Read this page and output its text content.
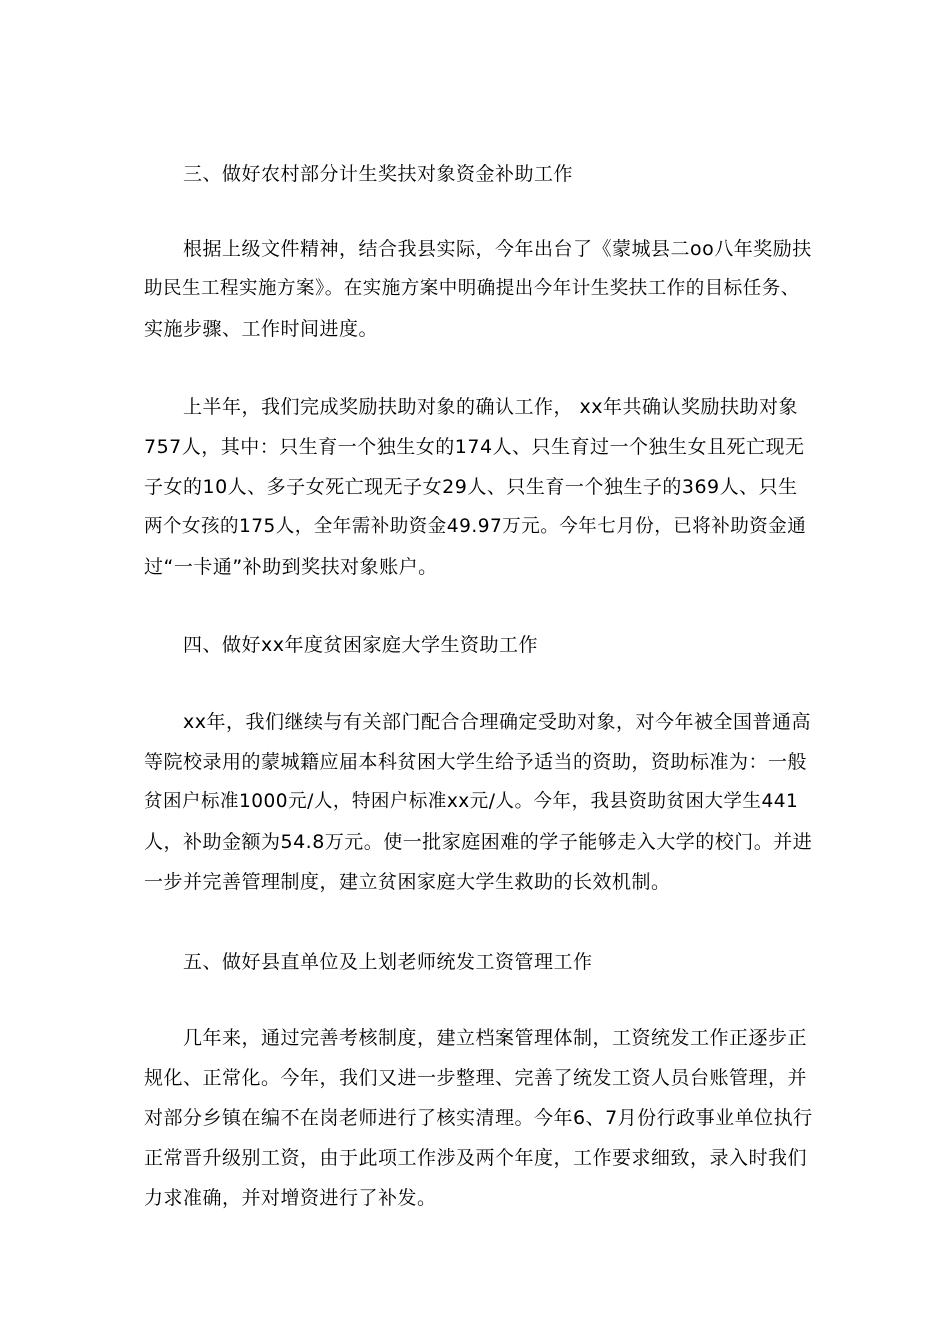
三、做好农村部分计生奖扶对象资金补助工作

根据上级文件精神，结合我县实际，今年出台了《蒙城县二oo八年奖励扶
助民生工程实施方案》。在实施方案中明确提出今年计生奖扶工作的目标任务、
实施步骤、工作时间进度。

上半年，我们完成奖励扶助对象的确认工作， xx年共确认奖励扶助对象
757人，其中：只生育一个独生女的174人、只生育过一个独生女且死亡现无
子女的10人、多子女死亡现无子女29人、只生育一个独生子的369人、只生
两个女孩的175人，全年需补助资金49.97万元。今年七月份，已将补助资金通
过“一卡通”补助到奖扶对象账户。

四、做好xx年度贫困家庭大学生资助工作

xx年，我们继续与有关部门配合合理确定受助对象，对今年被全国普通高
等院校录用的蒙城籍应届本科贫困大学生给予适当的资助，资助标准为：一般
贫困户标准1000元/人，特困户标准xx元/人。今年，我县资助贫困大学生441
人，补助金额为54.8万元。使一批家庭困难的学子能够走入大学的校门。并进
一步并完善管理制度，建立贫困家庭大学生救助的长效机制。

五、做好县直单位及上划老师统发工资管理工作

几年来，通过完善考核制度，建立档案管理体制，工资统发工作正逐步正
规化、正常化。今年，我们又进一步整理、完善了统发工资人员台账管理，并
对部分乡镇在编不在岗老师进行了核实清理。今年6、7月份行政事业单位执行
正常晋升级别工资，由于此项工作涉及两个年度，工作要求细致，录入时我们
力求准确，并对增资进行了补发。
